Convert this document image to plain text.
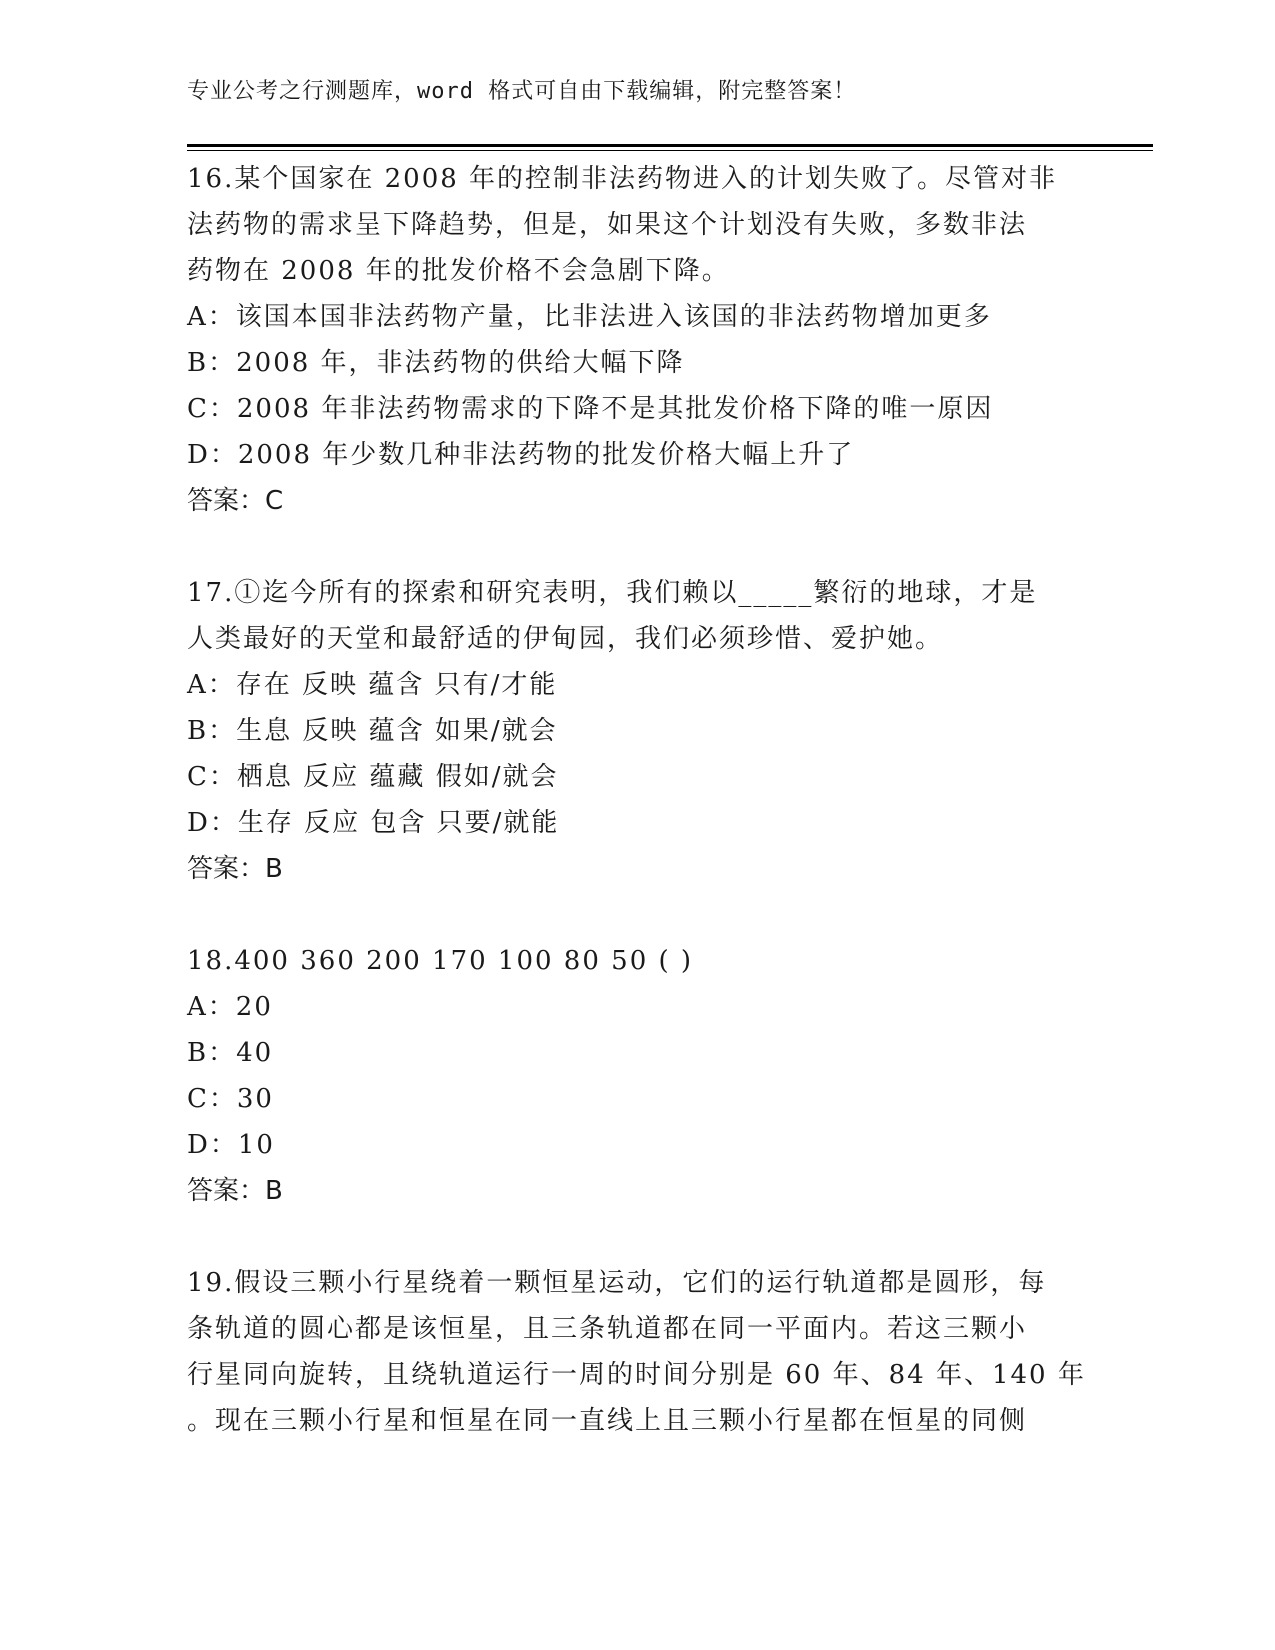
专业公考之行测题库，word 格式可自由下载编辑，附完整答案！
16.某个国家在 2008 年的控制非法药物进入的计划失败了。尽管对非
法药物的需求呈下降趋势，但是，如果这个计划没有失败，多数非法
药物在 2008 年的批发价格不会急剧下降。
A：该国本国非法药物产量，比非法进入该国的非法药物增加更多
B：2008 年，非法药物的供给大幅下降
C：2008 年非法药物需求的下降不是其批发价格下降的唯一原因
D：2008 年少数几种非法药物的批发价格大幅上升了
答案：C
17.①迄今所有的探索和研究表明，我们赖以_____繁衍的地球，才是
人类最好的天堂和最舒适的伊甸园，我们必须珍惜、爱护她。
A：存在 反映 蕴含 只有/才能
B：生息 反映 蕴含 如果/就会
C：栖息 反应 蕴藏 假如/就会
D：生存 反应 包含 只要/就能
答案：B
18.400 360 200 170 100 80 50 ( )
A：20
B：40
C：30
D：10
答案：B
19.假设三颗小行星绕着一颗恒星运动，它们的运行轨道都是圆形，每
条轨道的圆心都是该恒星，且三条轨道都在同一平面内。若这三颗小
行星同向旋转，且绕轨道运行一周的时间分别是 60 年、84 年、140 年
。现在三颗小行星和恒星在同一直线上且三颗小行星都在恒星的同侧
